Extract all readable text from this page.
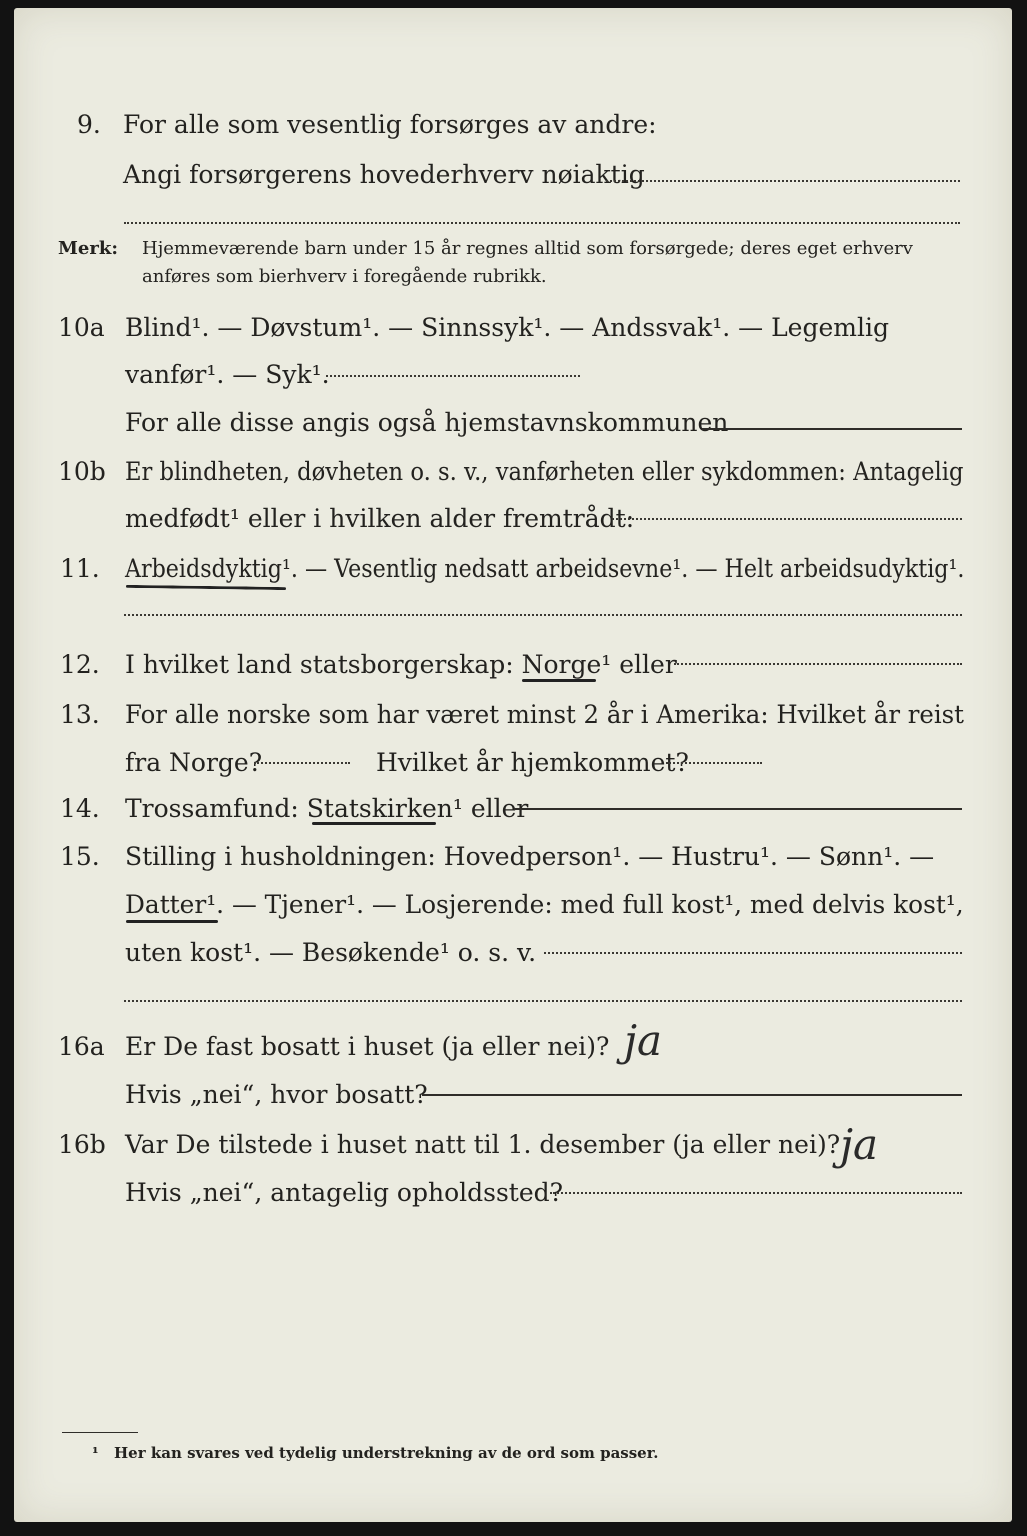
9. For alle som vesentlig forsørges av andre:
Angi forsørgerens hovederhverv nøiaktig
Merk: Hjemmeværende barn under 15 år regnes alltid som forsørgede; deres eget erhverv
anføres som bierhverv i foregående rubrikk.
10a Blind¹. — Døvstum¹. — Sinnssyk¹. — Andssvak¹. — Legemlig
vanfør¹. — Syk¹.
For alle disse angis også hjemstavnskommunen
10b Er blindheten, døvheten o. s. v., vanførheten eller sykdommen: Antagelig
medfødt¹ eller i hvilken alder fremtrådt:
11. Arbeidsdyktig¹. — Vesentlig nedsatt arbeidsevne¹. — Helt arbeidsudyktig¹.
12. I hvilket land statsborgerskap: Norge¹ eller
13. For alle norske som har været minst 2 år i Amerika: Hvilket år reist
fra Norge?	Hvilket år hjemkommet?
14. Trossamfund: Statskirken¹ eller
15. Stilling i husholdningen: Hovedperson¹. — Hustru¹. — Sønn¹. —
Datter¹. — Tjener¹. — Losjerende: med full kost¹, med delvis kost¹,
uten kost¹. — Besøkende¹ o. s. v.
16a Er De fast bosatt i huset (ja eller nei)? ja
Hvis „nei“, hvor bosatt?
16b Var De tilstede i huset natt til 1. desember (ja eller nei)? ja
Hvis „nei“, antagelig opholdssted?
¹ Her kan svares ved tydelig understrekning av de ord som passer.
